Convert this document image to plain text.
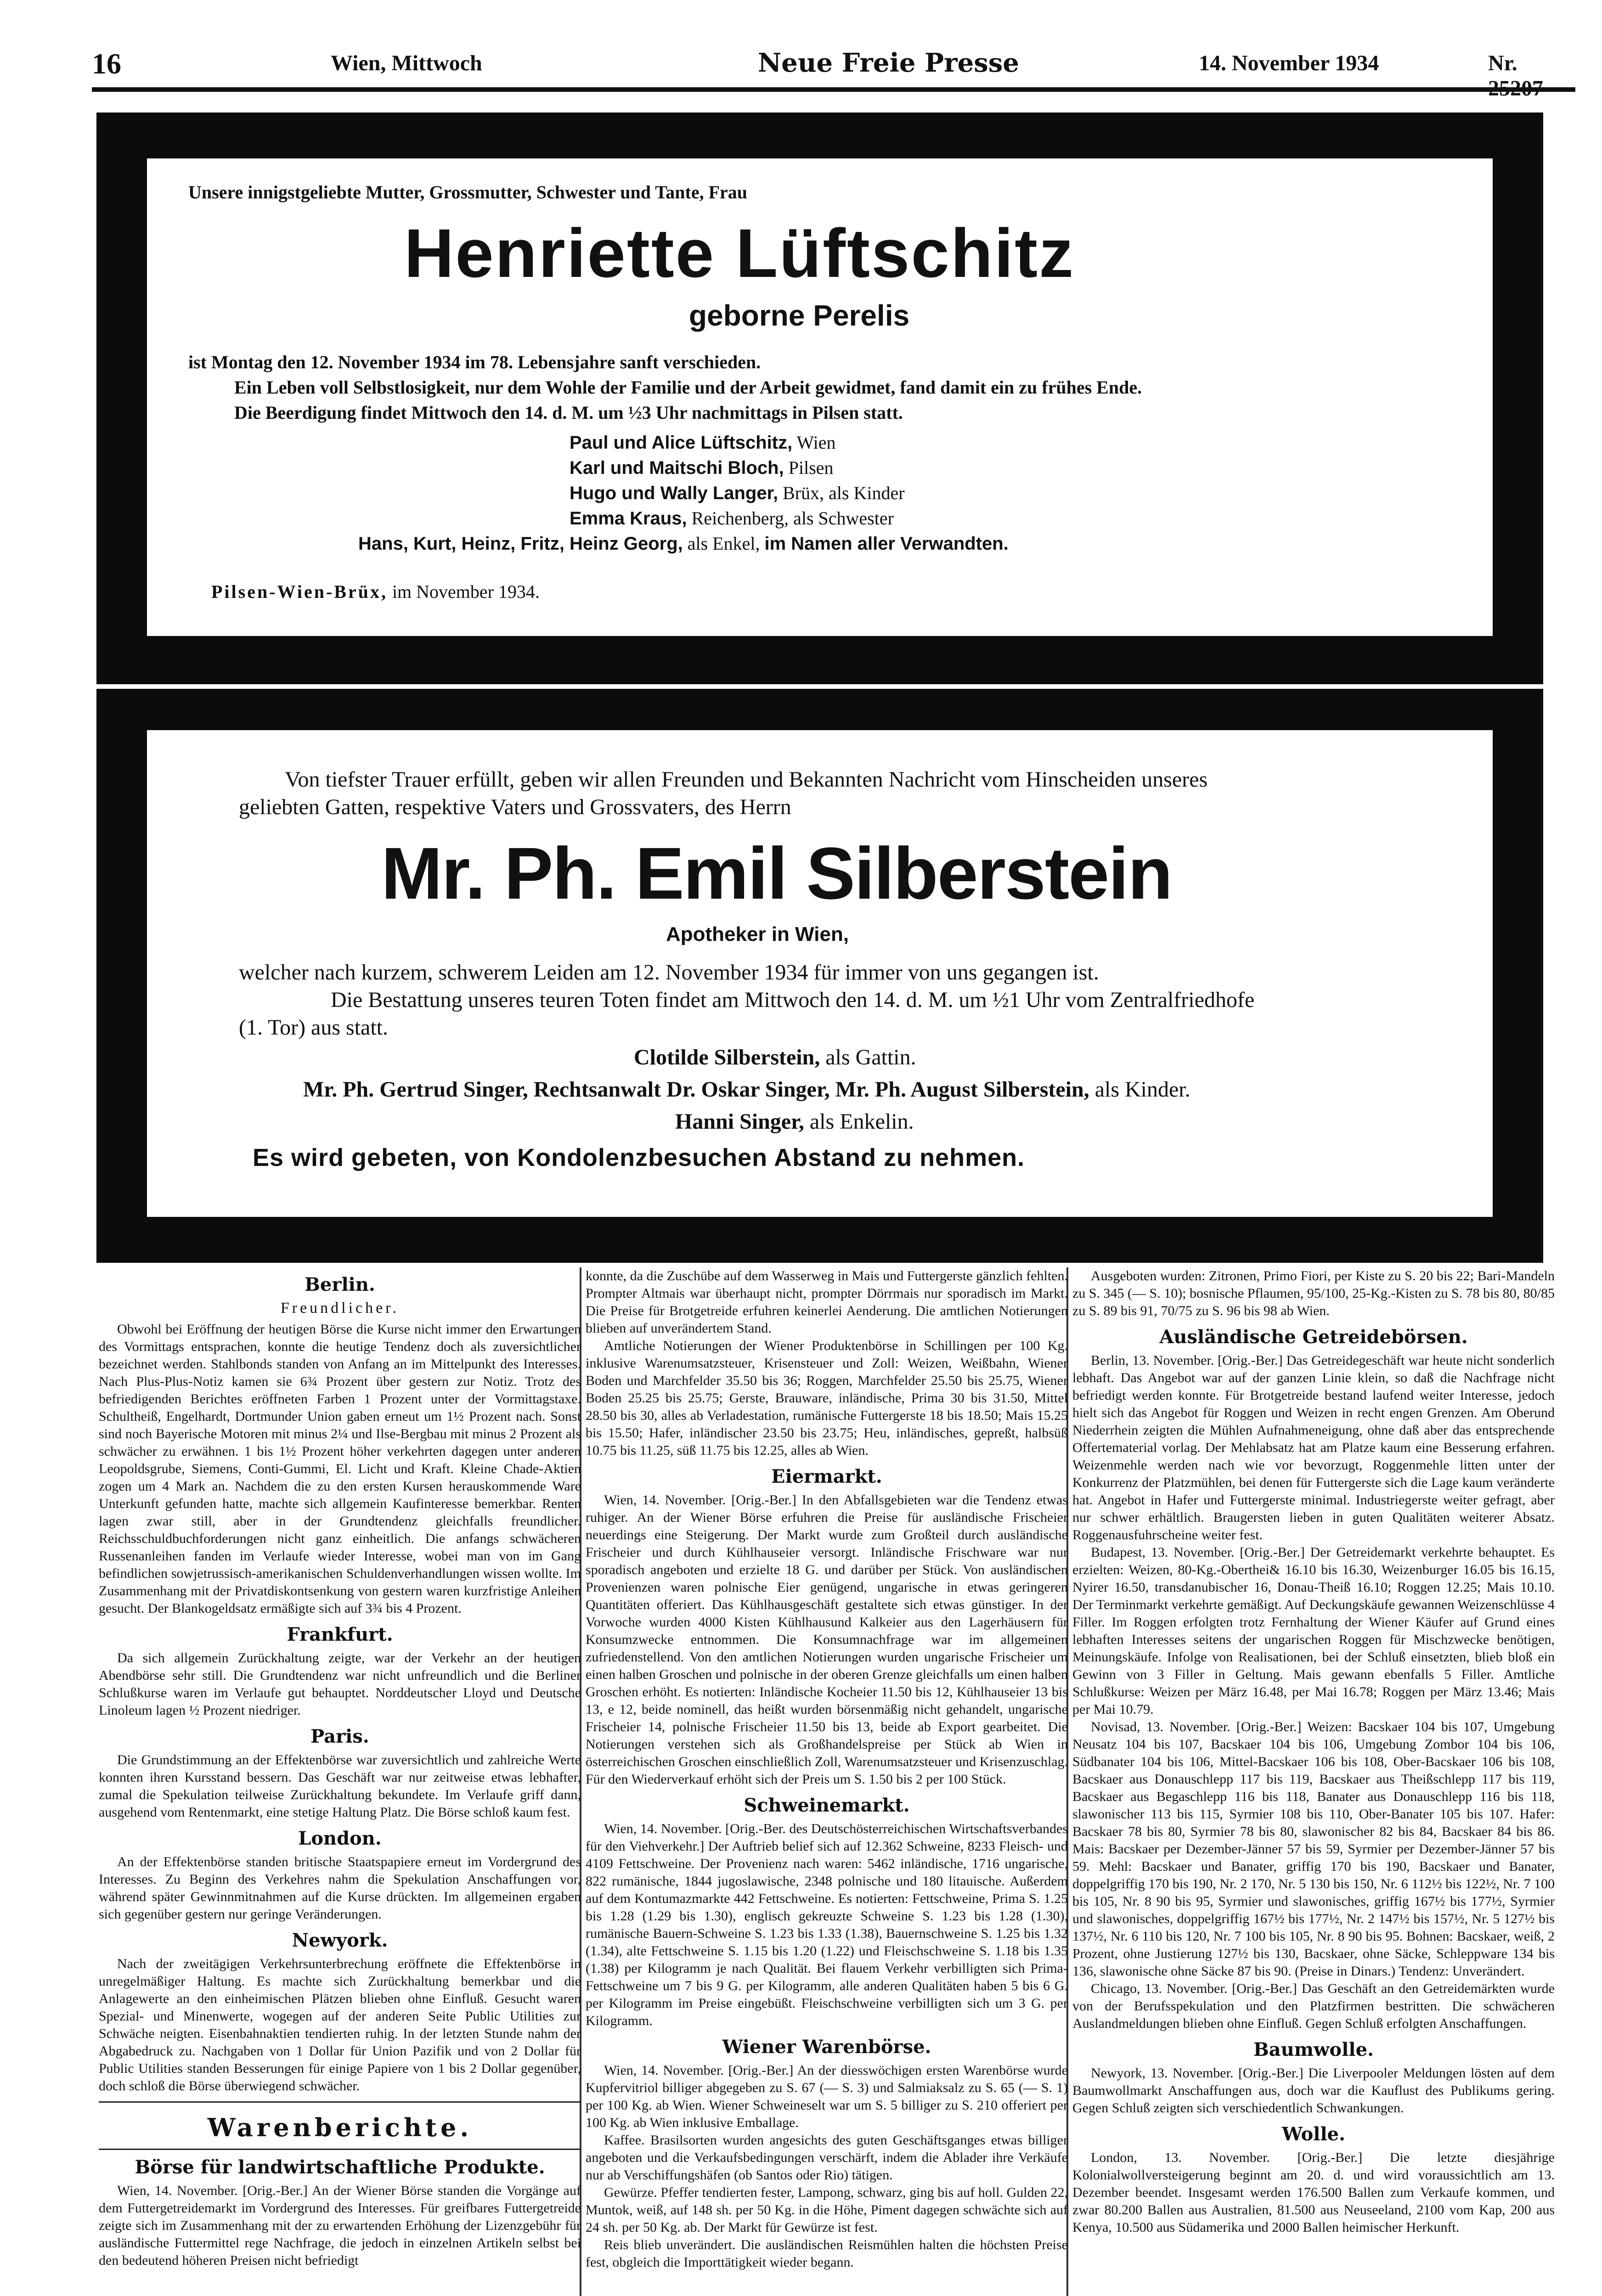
16	Wien, Mittwoch	Neue Freie Presse	14. November 1934	Nr.
Unsere innigstgeliebte Mutter, Grossmutter, Schwester und Tante, Frau
Henriette Lüftschitz
geborne Perelis
ist Montag den 12. November 1934 im 78. Lebensjahre sanft verschieden.
Ein Leben voll Selbstlosigkeit, nur dem Wohle der Familie und der Arbeit gewidmet, fand damit ein zu frühes Ende.
Die Beerdigung findet Mittwoch den 14. d. M. um ½3 Uhr nachmittags in Pilsen statt.
Paul und Alice Lüftschitz, Wien
Karl und Maitschi Bloch, Pilsen
Hugo und Wally Langer, Brüx, als Kinder
Emma Kraus, Reichenberg, als Schwester
Hans, Kurt, Heinz, Fritz, Heinz Georg, als Enkel, im Namen aller Verwandten.
Pilsen-Wien-Brüx, im November 1934.
Von tiefster Trauer erfüllt, geben wir allen Freunden und Bekannten Nachricht vom Hinscheiden unseres
geliebten Gatten, respektive Vaters und Grossvaters, des Herrn
Mr. Ph. Emil Silberstein
Apotheker in Wien,
welcher nach kurzem, schwerem Leiden am 12. November 1934 für immer von uns gegangen ist.
Die Bestattung unseres teuren Toten findet am Mittwoch den 14. d. M. um ½1 Uhr vom Zentralfriedhofe
(1. Tor) aus statt.
Clotilde Silberstein, als Gattin.
Mr. Ph. Gertrud Singer, Rechtsanwalt Dr. Oskar Singer, Mr. Ph. August Silberstein, als Kinder.
Hanni Singer, als Enkelin.
Es wird gebeten, von Kondolenzbesuchen Abstand zu nehmen.
Berlin.
Freundlicher.

Obwohl bei Eröffnung der heutigen Börse die Kurse nicht immer den Erwartungen des Vormittags entsprachen, konnte die heutige Tendenz doch als zuversichtlicher bezeichnet werden. Stahlbonds standen von Anfang an im Mittelpunkt des Interesses. Nach Plus-Plus-Notiz kamen sie 6¾ Prozent über gestern zur Notiz. Trotz des befriedigenden Berichtes eröffneten Farben 1 Prozent unter der Vormittagstaxe. Schultheiß, Engelhardt, Dortmunder Union gaben erneut um 1½ Prozent nach. Sonst sind noch Bayerische Motoren mit minus 2¼ und Ilse-Bergbau mit minus 2 Prozent als schwächer zu erwähnen. 1 bis 1½ Prozent höher verkehrten dagegen unter anderen Leopoldsgrube, Siemens, Conti-Gummi, El. Licht und Kraft. Kleine Chade-Aktien zogen um 4 Mark an. Nachdem die zu den ersten Kursen herauskommende Ware Unterkunft gefunden hatte, machte sich allgemein Kaufinteresse bemerkbar. Renten lagen zwar still, aber in der Grundtendenz gleichfalls freundlicher. Reichsschuldbuchforderungen nicht ganz einheitlich. Die anfangs schwächeren Russenanleihen fanden im Verlaufe wieder Interesse, wobei man von im Gang befindlichen sowjetrussisch-amerikanischen Schuldenverhandlungen wissen wollte. Im Zusammenhang mit der Privatdiskontsenkung von gestern waren kurzfristige Anleihen gesucht. Der Blankogeldsatz ermäßigte sich auf 3¾ bis 4 Prozent.

Frankfurt.

Da sich allgemein Zurückhaltung zeigte, war der Verkehr an der heutigen Abendbörse sehr still. Die Grundtendenz war nicht unfreundlich und die Berliner Schlußkurse waren im Verlaufe gut behauptet. Norddeutscher Lloyd und Deutsche Linoleum lagen ½ Prozent niedriger.

Paris.

Die Grundstimmung an der Effektenbörse war zuversichtlich und zahlreiche Werte konnten ihren Kursstand bessern. Das Geschäft war nur zeitweise etwas lebhafter, zumal die Spekulation teilweise Zurückhaltung bekundete. Im Verlaufe griff dann, ausgehend vom Rentenmarkt, eine stetige Haltung Platz. Die Börse schloß kaum fest.

London.

An der Effektenbörse standen britische Staatspapiere erneut im Vordergrund des Interesses. Zu Beginn des Verkehres nahm die Spekulation Anschaffungen vor, während später Gewinnmitnahmen auf die Kurse drückten. Im allgemeinen ergaben sich gegenüber gestern nur geringe Veränderungen.

Newyork.

Nach der zweitägigen Verkehrsunterbrechung eröffnete die Effektenbörse in unregelmäßiger Haltung. Es machte sich Zurückhaltung bemerkbar und die Anlagewerte an den einheimischen Plätzen blieben ohne Einfluß. Gesucht waren Spezial- und Minenwerte, wogegen auf der anderen Seite Public Utilities zur Schwäche neigten. Eisenbahnaktien tendierten ruhig. In der letzten Stunde nahm der Abgabedruck zu. Nachgaben von 1 Dollar für Union Pazifik und von 2 Dollar für Public Utilities standen Besserungen für einige Papiere von 1 bis 2 Dollar gegenüber, doch schloß die Börse überwiegend schwächer.

Warenberichte.
Börse für landwirtschaftliche Produkte.

Wien, 14. November. [Orig.-Ber.] An der Wiener Börse standen die Vorgänge auf dem Futtergetreidemarkt im Vordergrund des Interesses. Für greifbares Futtergetreide zeigte sich im Zusammenhang mit der zu erwartenden Erhöhung der Lizenzgebühr für ausländische Futtermittel rege Nachfrage, die jedoch in einzelnen Artikeln selbst bei den bedeutend höheren Preisen nicht befriedigt

konnte, da die Zuschübe auf dem Wasserweg in Mais und Futtergerste gänzlich fehlten. Prompter Altmais war überhaupt nicht, prompter Dörrmais nur sporadisch im Markt. Die Preise für Brotgetreide erfuhren keinerlei Aenderung. Die amtlichen Notierungen blieben auf unverändertem Stand.

Amtliche Notierungen der Wiener Produktenbörse in Schillingen per 100 Kg. inklusive Warenumsatzsteuer, Krisensteuer und Zoll: Weizen, Weißbahn, Wiener Boden und Marchfelder 35.50 bis 36; Roggen, Marchfelder 25.50 bis 25.75, Wiener Boden 25.25 bis 25.75; Gerste, Brauware, inländische, Prima 30 bis 31.50, Mittel 28.50 bis 30, alles ab Verladestation, rumänische Futtergerste 18 bis 18.50; Mais 15.25 bis 15.50; Hafer, inländischer 23.50 bis 23.75; Heu, inländisches, gepreßt, halbsüß 10.75 bis 11.25, süß 11.75 bis 12.25, alles ab Wien.

Eiermarkt.

Wien, 14. November. [Orig.-Ber.] In den Abfallsgebieten war die Tendenz etwas ruhiger. An der Wiener Börse erfuhren die Preise für ausländische Frischeier neuerdings eine Steigerung. Der Markt wurde zum Großteil durch ausländische Frischeier und durch Kühlhauseier versorgt. Inländische Frischware war nur sporadisch angeboten und erzielte 18 G. und darüber per Stück. Von ausländischen Provenienzen waren polnische Eier genügend, ungarische in etwas geringeren Quantitäten offeriert. Das Kühlhausgeschäft gestaltete sich etwas günstiger. In der Vorwoche wurden 4000 Kisten Kühlhausund Kalkeier aus den Lagerhäusern für Konsumzwecke entnommen. Die Konsumnachfrage war im allgemeinen zufriedenstellend. Von den amtlichen Notierungen wurden ungarische Frischeier um einen halben Groschen und polnische in der oberen Grenze gleichfalls um einen halben Groschen erhöht. Es notierten: Inländische Kocheier 11.50 bis 12, Kühlhauseier 13 bis 13, e 12, beide nominell, das heißt wurden börsenmäßig nicht gehandelt, ungarische Frischeier 14, polnische Frischeier 11.50 bis 13, beide ab Export gearbeitet. Die Notierungen verstehen sich als Großhandelspreise per Stück ab Wien in österreichischen Groschen einschließlich Zoll, Warenumsatzsteuer und Krisenzuschlag. Für den Wiederverkauf erhöht sich der Preis um S. 1.50 bis 2 per 100 Stück.

Schweinemarkt.

Wien, 14. November. [Orig.-Ber. des Deutschösterreichischen Wirtschaftsverbandes für den Viehverkehr.] Der Auftrieb belief sich auf 12.362 Schweine, 8233 Fleisch- und 4109 Fettschweine. Der Provenienz nach waren: 5462 inländische, 1716 ungarische, 822 rumänische, 1844 jugoslawische, 2348 polnische und 180 litauische. Außerdem auf dem Kontumazmarkte 442 Fettschweine. Es notierten: Fettschweine, Prima S. 1.25 bis 1.28 (1.29 bis 1.30), englisch gekreuzte Schweine S. 1.23 bis 1.28 (1.30), rumänische Bauern-Schweine S. 1.23 bis 1.33 (1.38), Bauernschweine S. 1.25 bis 1.32 (1.34), alte Fettschweine S. 1.15 bis 1.20 (1.22) und Fleischschweine S. 1.18 bis 1.35 (1.38) per Kilogramm je nach Qualität. Bei flauem Verkehr verbilligten sich Prima-Fettschweine um 7 bis 9 G. per Kilogramm, alle anderen Qualitäten haben 5 bis 6 G. per Kilogramm im Preise eingebüßt. Fleischschweine verbilligten sich um 3 G. per Kilogramm.

Wiener Warenbörse.

Wien, 14. November. [Orig.-Ber.] An der diesswöchigen ersten Warenbörse wurde Kupfervitriol billiger abgegeben zu S. 67 (— S. 3) und Salmiaksalz zu S. 65 (— S. 1) per 100 Kg. ab Wien. Wiener Schweineselt war um S. 5 billiger zu S. 210 offeriert per 100 Kg. ab Wien inklusive Emballage.

Kaffee. Brasilsorten wurden angesichts des guten Geschäftsganges etwas billiger angeboten und die Verkaufsbedingungen verschärft, indem die Ablader ihre Verkäufe nur ab Verschiffungshäfen (ob Santos oder Rio) tätigen.

Gewürze. Pfeffer tendierten fester, Lampong, schwarz, ging bis auf holl. Gulden 22, Muntok, weiß, auf 148 sh. per 50 Kg. in die Höhe, Piment dagegen schwächte sich auf 24 sh. per 50 Kg. ab. Der Markt für Gewürze ist fest.

Reis blieb unverändert. Die ausländischen Reismühlen halten die höchsten Preise fest, obgleich die Importtätigkeit wieder begann.

Ausgeboten wurden: Zitronen, Primo Fiori, per Kiste zu S. 20 bis 22; Bari-Mandeln zu S. 345 (— S. 10); bosnische Pflaumen, 95/100, 25-Kg.-Kisten zu S. 78 bis 80, 80/85 zu S. 89 bis 91, 70/75 zu S. 96 bis 98 ab Wien.

Ausländische Getreidebörsen.

Berlin, 13. November. [Orig.-Ber.] Das Getreidegeschäft war heute nicht sonderlich lebhaft. Das Angebot war auf der ganzen Linie klein, so daß die Nachfrage nicht befriedigt werden konnte. Für Brotgetreide bestand laufend weiter Interesse, jedoch hielt sich das Angebot für Roggen und Weizen in recht engen Grenzen. Am Oberund Niederrhein zeigten die Mühlen Aufnahmeneigung, ohne daß aber das entsprechende Offertematerial vorlag. Der Mehlabsatz hat am Platze kaum eine Besserung erfahren. Weizenmehle werden nach wie vor bevorzugt, Roggenmehle litten unter der Konkurrenz der Platzmühlen, bei denen für Futtergerste sich die Lage kaum veränderte hat. Angebot in Hafer und Futtergerste minimal. Industriegerste weiter gefragt, aber nur schwer erhältlich. Braugersten lieben in guten Qualitäten weiterer Absatz. Roggenausfuhrscheine weiter fest.

Budapest, 13. November. [Orig.-Ber.] Der Getreidemarkt verkehrte behauptet. Es erzielten: Weizen, 80-Kg.-Oberthei& 16.10 bis 16.30, Weizenburger 16.05 bis 16.15, Nyirer 16.50, transdanubischer 16, Donau-Theiß 16.10; Roggen 12.25; Mais 10.10. Der Terminmarkt verkehrte gemäßigt. Auf Deckungskäufe gewannen Weizenschlüsse 4 Filler. Im Roggen erfolgten trotz Fernhaltung der Wiener Käufer auf Grund eines lebhaften Interesses seitens der ungarischen Roggen für Mischzwecke benötigen, Meinungskäufe. Infolge von Realisationen, bei der Schluß einsetzten, blieb bloß ein Gewinn von 3 Filler in Geltung. Mais gewann ebenfalls 5 Filler. Amtliche Schlußkurse: Weizen per März 16.48, per Mai 16.78; Roggen per März 13.46; Mais per Mai 10.79.

Novisad, 13. November. [Orig.-Ber.] Weizen: Bacskaer 104 bis 107, Umgebung Neusatz 104 bis 107, Bacskaer 104 bis 106, Umgebung Zombor 104 bis 106, Südbanater 104 bis 106, Mittel-Bacskaer 106 bis 108, Ober-Bacskaer 106 bis 108, Bacskaer aus Donauschlepp 117 bis 119, Bacskaer aus Theißschlepp 117 bis 119, Bacskaer aus Begaschlepp 116 bis 118, Banater aus Donauschlepp 116 bis 118, slawonischer 113 bis 115, Syrmier 108 bis 110, Ober-Banater 105 bis 107. Hafer: Bacskaer 78 bis 80, Syrmier 78 bis 80, slawonischer 82 bis 84, Bacskaer 84 bis 86. Mais: Bacskaer per Dezember-Jänner 57 bis 59, Syrmier per Dezember-Jänner 57 bis 59. Mehl: Bacskaer und Banater, griffig 170 bis 190, Bacskaer und Banater, doppelgriffig 170 bis 190, Nr. 2 170, Nr. 5 130 bis 150, Nr. 6 112½ bis 122½, Nr. 7 100 bis 105, Nr. 8 90 bis 95, Syrmier und slawonisches, griffig 167½ bis 177½, Syrmier und slawonisches, doppelgriffig 167½ bis 177½, Nr. 2 147½ bis 157½, Nr. 5 127½ bis 137½, Nr. 6 110 bis 120, Nr. 7 100 bis 105, Nr. 8 90 bis 95. Bohnen: Bacskaer, weiß, 2 Prozent, ohne Justierung 127½ bis 130, Bacskaer, ohne Säcke, Schleppware 134 bis 136, slawonische ohne Säcke 87 bis 90. (Preise in Dinars.) Tendenz: Unverändert.

Chicago, 13. November. [Orig.-Ber.] Das Geschäft an den Getreidemärkten wurde von der Berufsspekulation und den Platzfirmen bestritten. Die schwächeren Auslandmeldungen blieben ohne Einfluß. Gegen Schluß erfolgten Anschaffungen.

Baumwolle.

Newyork, 13. November. [Orig.-Ber.] Die Liverpooler Meldungen lösten auf dem Baumwollmarkt Anschaffungen aus, doch war die Kauflust des Publikums gering. Gegen Schluß zeigten sich verschiedentlich Schwankungen.

Wolle.

London, 13. November. [Orig.-Ber.] Die letzte diesjährige Kolonialwollversteigerung beginnt am 20. d. und wird voraussichtlich am 13. Dezember beendet. Insgesamt werden 176.500 Ballen zum Verkaufe kommen, und zwar 80.200 Ballen aus Australien, 81.500 aus Neuseeland, 2100 vom Kap, 200 aus Kenya, 10.500 aus Südamerika und 2000 Ballen heimischer Herkunft.
